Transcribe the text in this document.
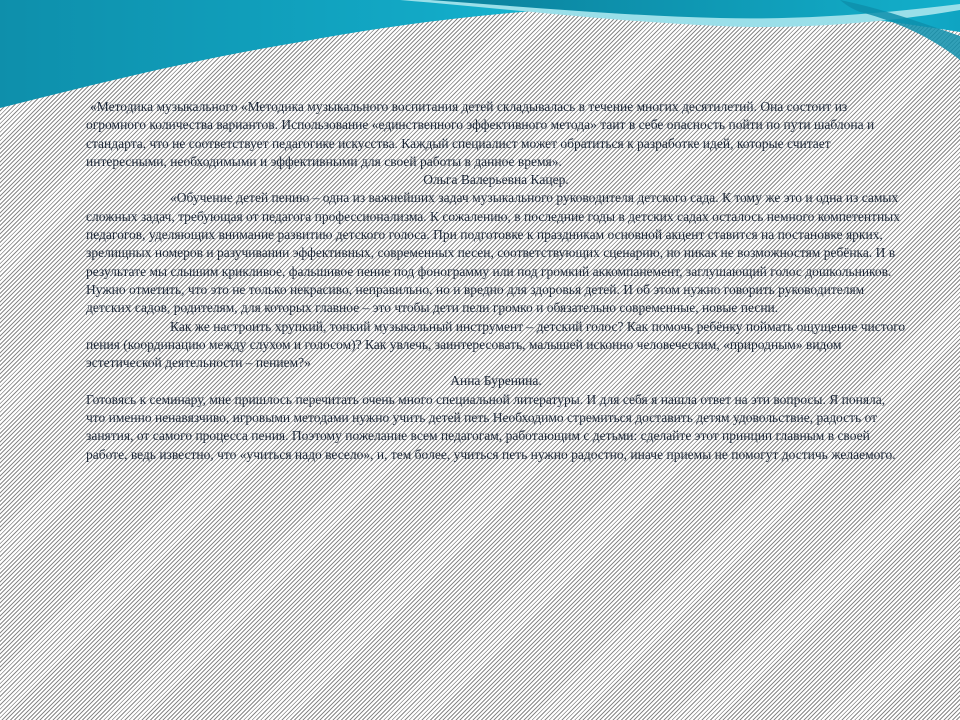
«Методика музыкального «Методика музыкального воспитания детей складывалась в течение многих десятилетий. Она состоит из огромного количества вариантов. Использование «единственного эффективного метода» таит в себе опасность пойти по пути шаблона и стандарта, что не соответствует педагогике искусства. Каждый специалист может обратиться к разработке идей, которые считает интересными, необходимыми и эффективными для своей работы в данное время».

Ольга Валерьевна Кацер.

«Обучение детей пению – одна из важнейших задач музыкального руководителя детского сада. К тому же это и одна из самых сложных задач, требующая от педагога профессионализма. К сожалению, в последние годы в детских садах осталось немного компетентных педагогов, уделяющих внимание развитию детского голоса. При подготовке к праздникам основной акцент ставится на постановке ярких, зрелищных номеров и разучивании эффективных, современных песен, соответствующих сценарию, но никак не возможностям ребёнка. И в результате мы слышим крикливое, фальшивое пение под фонограмму или под громкий аккомпанемент, заглушающий голос дошкольников. Нужно отметить, что это не только некрасиво, неправильно, но и вредно для здоровья детей. И об этом нужно говорить руководителям детских садов, родителям, для которых главное – это чтобы дети пели громко и обязательно современные, новые песни.

Как же настроить хрупкий, тонкий музыкальный инструмент – детский голос? Как помочь ребёнку поймать ощущение чистого пения (координацию между слухом и голосом)? Как увлечь, заинтересовать, малышей исконно человеческим, «природным» видом эстетической деятельности – пением?»

Анна Буренина.

Готовясь к семинару, мне пришлось перечитать очень много специальной литературы. И для себя я нашла ответ на эти вопросы. Я поняла, что именно ненавязчиво, игровыми методами нужно учить детей петь Необходимо стремиться доставить детям удовольствие, радость от занятия, от самого процесса пения. Поэтому пожелание всем педагогам, работающим с детьми: сделайте этот принцип главным в своей работе, ведь известно, что «учиться надо весело», и, тем более, учиться петь нужно радостно, иначе приемы не помогут достичь желаемого.
